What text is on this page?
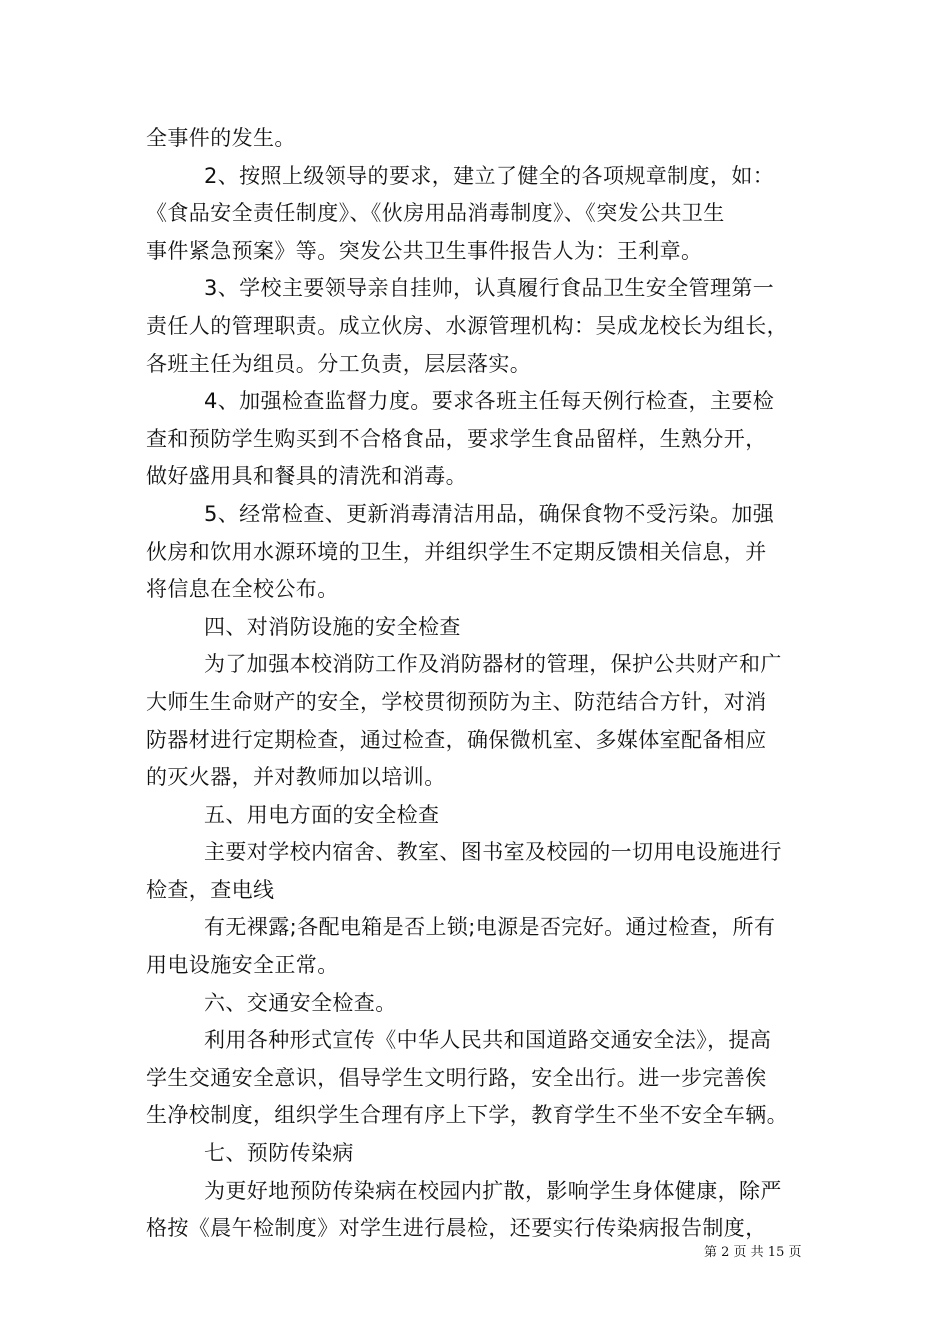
全事件的发生。
2、按照上级领导的要求，建立了健全的各项规章制度，如：
《食品安全责任制度》、《伙房用品消毒制度》、《突发公共卫生
事件紧急预案》等。突发公共卫生事件报告人为：王利章。
3、学校主要领导亲自挂帅，认真履行食品卫生安全管理第一
责任人的管理职责。成立伙房、水源管理机构：吴成龙校长为组长，
各班主任为组员。分工负责，层层落实。
4、加强检查监督力度。要求各班主任每天例行检查，主要检
查和预防学生购买到不合格食品，要求学生食品留样，生熟分开，
做好盛用具和餐具的清洗和消毒。
5、经常检查、更新消毒清洁用品，确保食物不受污染。加强
伙房和饮用水源环境的卫生，并组织学生不定期反馈相关信息，并
将信息在全校公布。
四、对消防设施的安全检查
为了加强本校消防工作及消防器材的管理，保护公共财产和广
大师生生命财产的安全，学校贯彻预防为主、防范结合方针，对消
防器材进行定期检查，通过检查，确保微机室、多媒体室配备相应
的灭火器，并对教师加以培训。
五、用电方面的安全检查
主要对学校内宿舍、教室、图书室及校园的一切用电设施进行
检查，查电线
有无裸露;各配电箱是否上锁;电源是否完好。通过检查，所有
用电设施安全正常。
六、交通安全检查。
利用各种形式宣传《中华人民共和国道路交通安全法》，提高
学生交通安全意识，倡导学生文明行路，安全出行。进一步完善俟
生净校制度，组织学生合理有序上下学，教育学生不坐不安全车辆。
七、预防传染病
为更好地预防传染病在校园内扩散，影响学生身体健康，除严
格按《晨午检制度》对学生进行晨检，还要实行传染病报告制度，
第 2 页 共 15 页
